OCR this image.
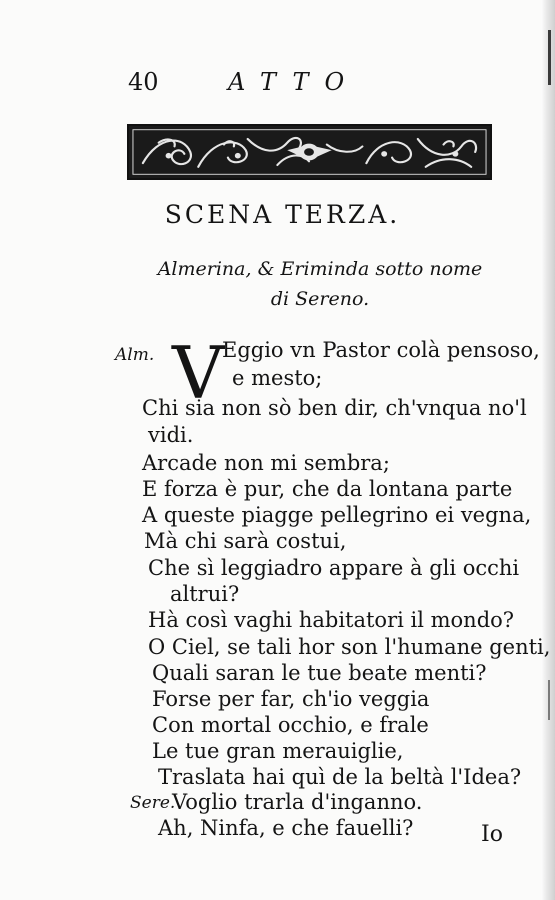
40	ATTO
SCENA TERZA.
Almerina, & Eriminda sotto nome
di Sereno.
Alm. V
Eggio vn Pastor colà pensoso,
e mesto;
Chi sia non sò ben dir, ch'vnqua no'l
vidi.
Arcade non mi sembra;
E forza è pur, che da lontana parte
A queste piagge pellegrino ei vegna,
Mà chi sarà costui,
Che sì leggiadro appare à gli occhi
altrui?
Hà così vaghi habitatori il mondo?
O Ciel, se tali hor son l'humane genti,
Quali saran le tue beate menti?
Forse per far, ch'io veggia
Con mortal occhio, e frale
Le tue gran merauiglie,
Traslata hai quì de la beltà l'Idea?
Sere.
Voglio trarla d'inganno.
Ah, Ninfa, e che fauelli?	Io
